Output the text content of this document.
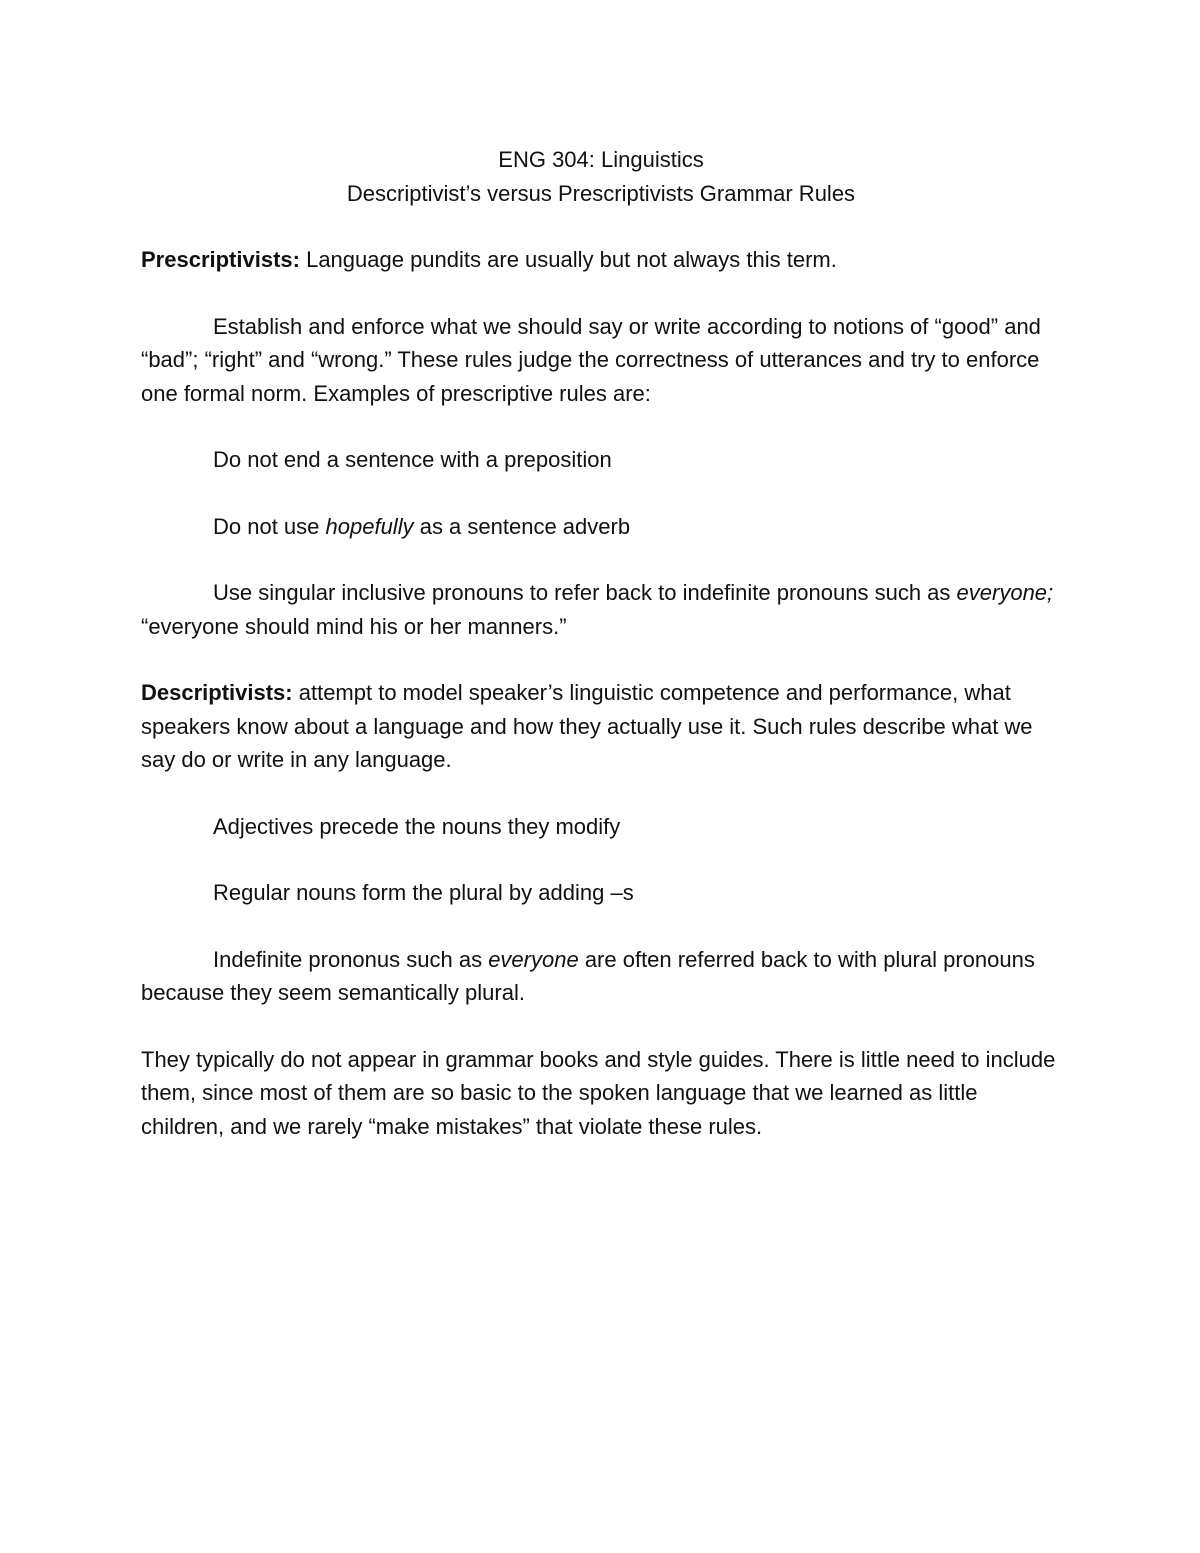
ENG 304: Linguistics
Descriptivist’s versus Prescriptivists Grammar Rules

Prescriptivists: Language pundits are usually but not always this term.

Establish and enforce what we should say or write according to notions of “good” and “bad”; “right” and “wrong.” These rules judge the correctness of utterances and try to enforce one formal norm. Examples of prescriptive rules are:

Do not end a sentence with a preposition

Do not use hopefully as a sentence adverb

Use singular inclusive pronouns to refer back to indefinite pronouns such as everyone; “everyone should mind his or her manners.”

Descriptivists: attempt to model speaker’s linguistic competence and performance, what speakers know about a language and how they actually use it. Such rules describe what we say do or write in any language.

Adjectives precede the nouns they modify

Regular nouns form the plural by adding –s

Indefinite prononus such as everyone are often referred back to with plural pronouns because they seem semantically plural.

They typically do not appear in grammar books and style guides. There is little need to include them, since most of them are so basic to the spoken language that we learned as little children, and we rarely “make mistakes” that violate these rules.
